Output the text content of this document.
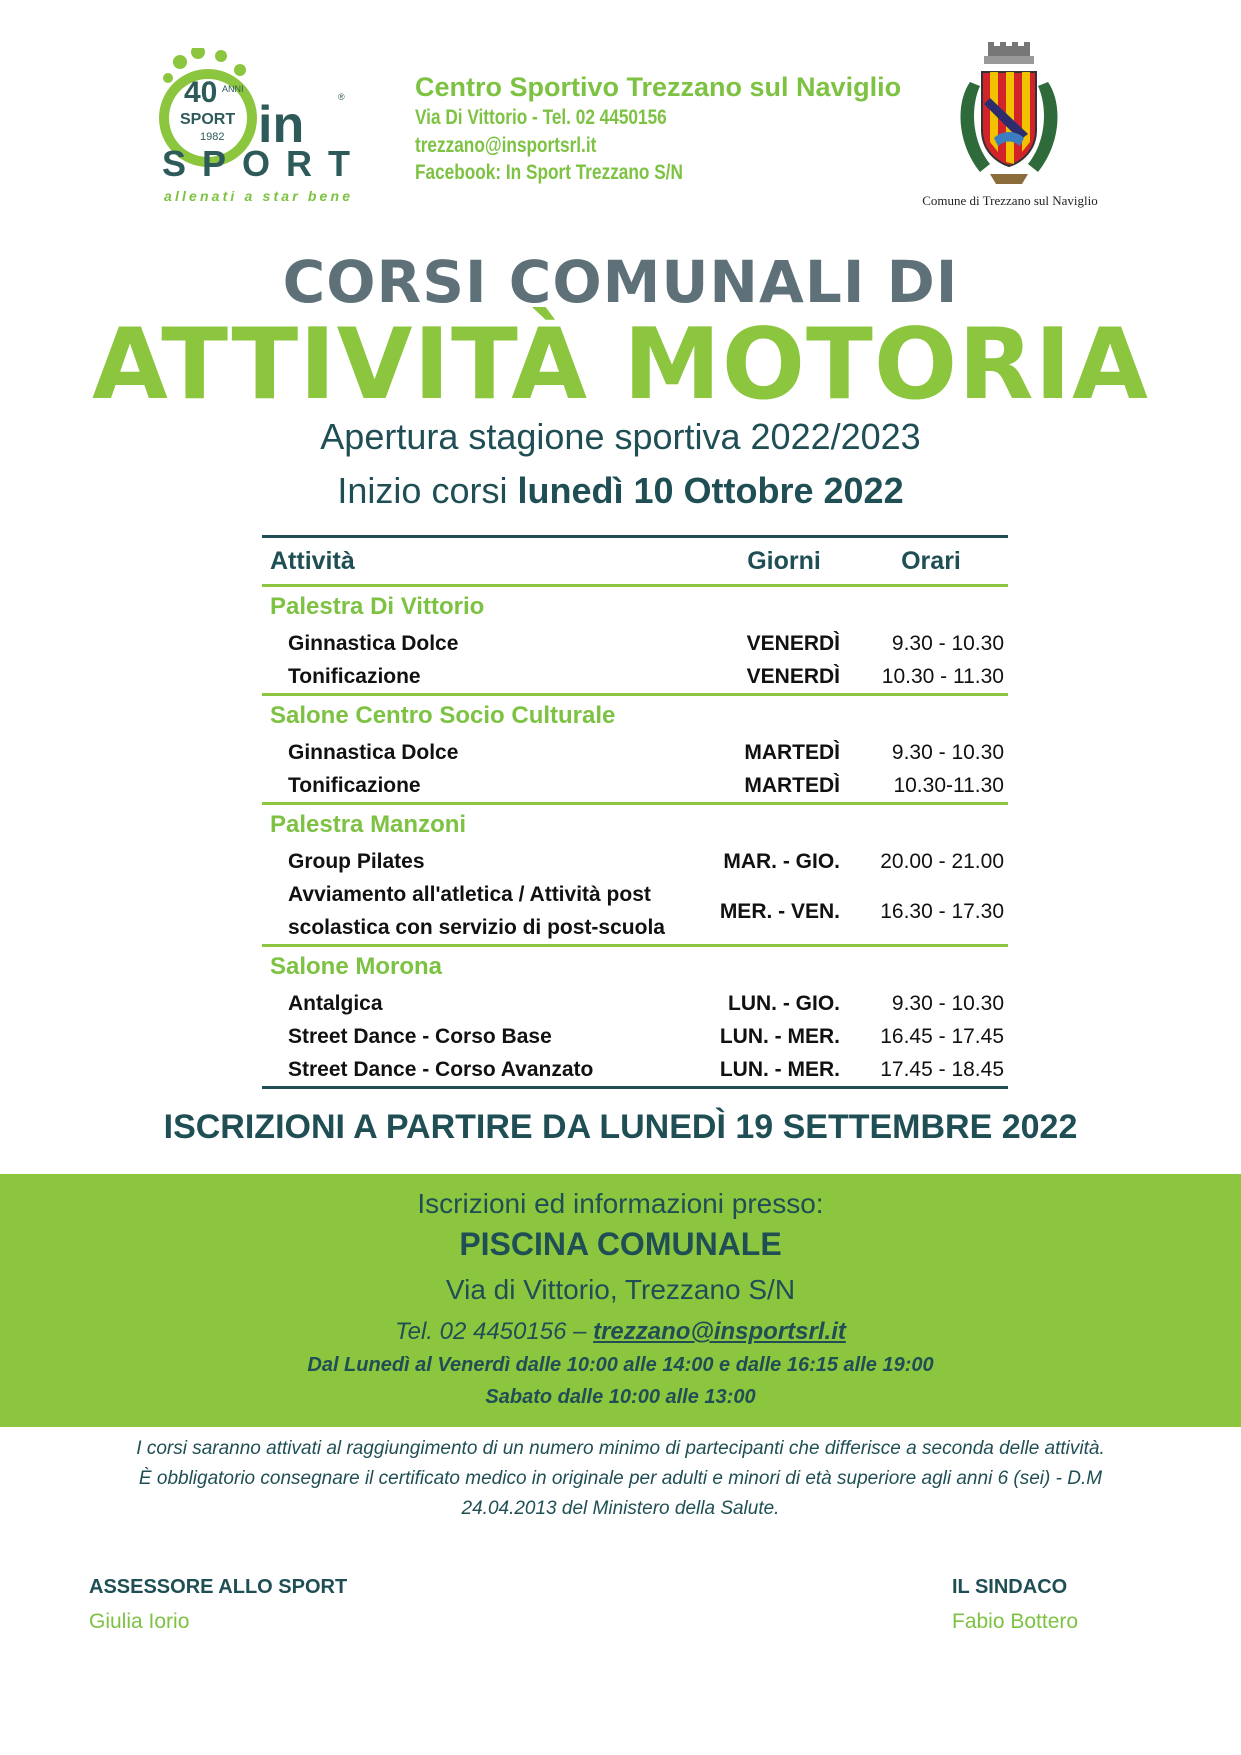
40 ANNI
SPORT
1982 in	®
SPORT
allenati a star bene
Centro Sportivo Trezzano sul Naviglio
Via Di Vittorio - Tel. 02 4450156
trezzano@insportsrl.it
Facebook: In Sport Trezzano S/N
Comune di Trezzano sul Naviglio
CORSI COMUNALI DI
ATTIVITÀ MOTORIA
Apertura stagione sportiva 2022/2023
Inizio corsi lunedì 10 Ottobre 2022
Attività	Giorni	Orari
Palestra Di Vittorio
Ginnastica Dolce	VENERDÌ	9.30 - 10.30
Tonificazione	VENERDÌ	10.30 - 11.30
Salone Centro Socio Culturale
Ginnastica Dolce	MARTEDÌ	9.30 - 10.30
Tonificazione	MARTEDÌ	10.30-11.30
Palestra Manzoni
Group Pilates	MAR. - GIO.	20.00 - 21.00
Avviamento all'atletica / Attività post
scolastica con servizio di post-scuola
MER. - VEN.	16.30 - 17.30
Salone Morona
Antalgica	LUN. - GIO.	9.30 - 10.30
Street Dance - Corso Base	LUN. - MER.	16.45 - 17.45
Street Dance - Corso Avanzato	LUN. - MER.	17.45 - 18.45
ISCRIZIONI A PARTIRE DA LUNEDÌ 19 SETTEMBRE 2022
Iscrizioni ed informazioni presso:
PISCINA COMUNALE
Via di Vittorio, Trezzano S/N
Tel. 02 4450156 – trezzano@insportsrl.it
Dal Lunedì al Venerdì dalle 10:00 alle 14:00 e dalle 16:15 alle 19:00
Sabato dalle 10:00 alle 13:00
I corsi saranno attivati al raggiungimento di un numero minimo di partecipanti che differisce a seconda delle attività.
È obbligatorio consegnare il certificato medico in originale per adulti e minori di età superiore agli anni 6 (sei) - D.M
24.04.2013 del Ministero della Salute.
ASSESSORE ALLO SPORT
Giulia Iorio
IL SINDACO
Fabio Bottero
